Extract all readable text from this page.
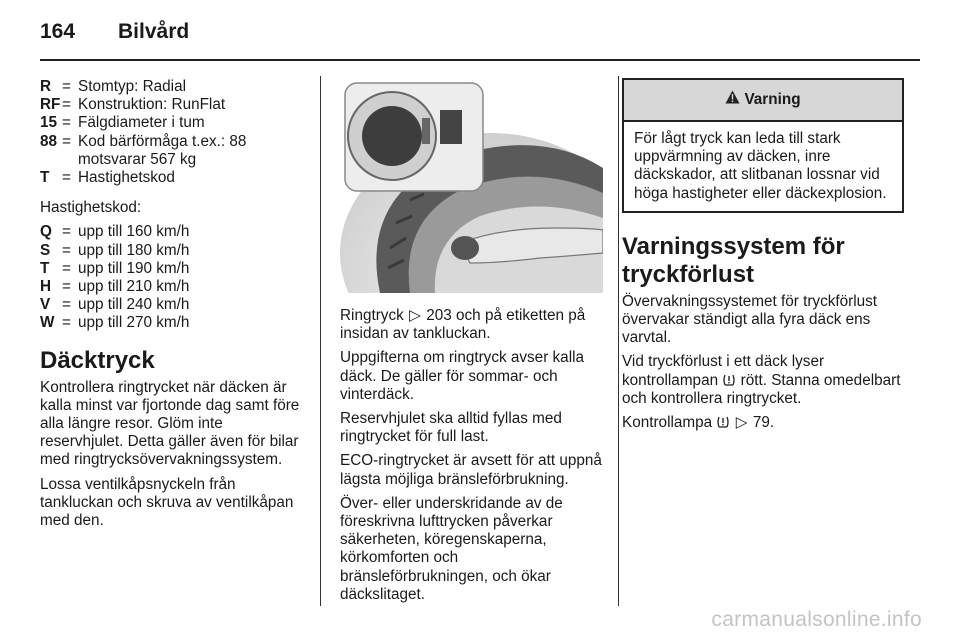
164 Bilvård
R = Stomtyp: Radial
RF = Konstruktion: RunFlat
15 = Fälgdiameter i tum
88 = Kod bärförmåga t.ex.: 88 motsvarar 567 kg
T = Hastighetskod

Hastighetskod:

Q = upp till 160 km/h
S = upp till 180 km/h
T = upp till 190 km/h
H = upp till 210 km/h
V = upp till 240 km/h
W = upp till 270 km/h
Däcktryck

Kontrollera ringtrycket när däcken är kalla minst var fjortonde dag samt före alla längre resor. Glöm inte reservhjulet. Detta gäller även för bilar med ringtrycksövervakningssystem.

Lossa ventilkåpsnyckeln från tankluckan och skruva av ventilkåpan med den.

Ringtryck ▷ 203 och på etiketten på insidan av tankluckan.

Uppgifterna om ringtryck avser kalla däck. De gäller för sommar- och vinterdäck.

Reservhjulet ska alltid fyllas med ringtrycket för full last.

ECO-ringtrycket är avsett för att uppnå lägsta möjliga bränsleförbrukning.

Över- eller underskridande av de föreskrivna lufttrycken påverkar säkerheten, köregenskaperna, körkomforten och bränsleförbrukningen, och ökar däckslitaget.

Varning
För lågt tryck kan leda till stark uppvärmning av däcken, inre däckskador, att slitbanan lossnar vid höga hastigheter eller däckexplosion.
Varningssystem för tryckförlust

Övervakningssystemet för tryckförlust övervakar ständigt alla fyra däck ens varvtal.

Vid tryckförlust i ett däck lyser kontrollampan rött. Stanna omedelbart och kontrollera ringtrycket.

Kontrollampa ▷ 79.

carmanualsonline.info
